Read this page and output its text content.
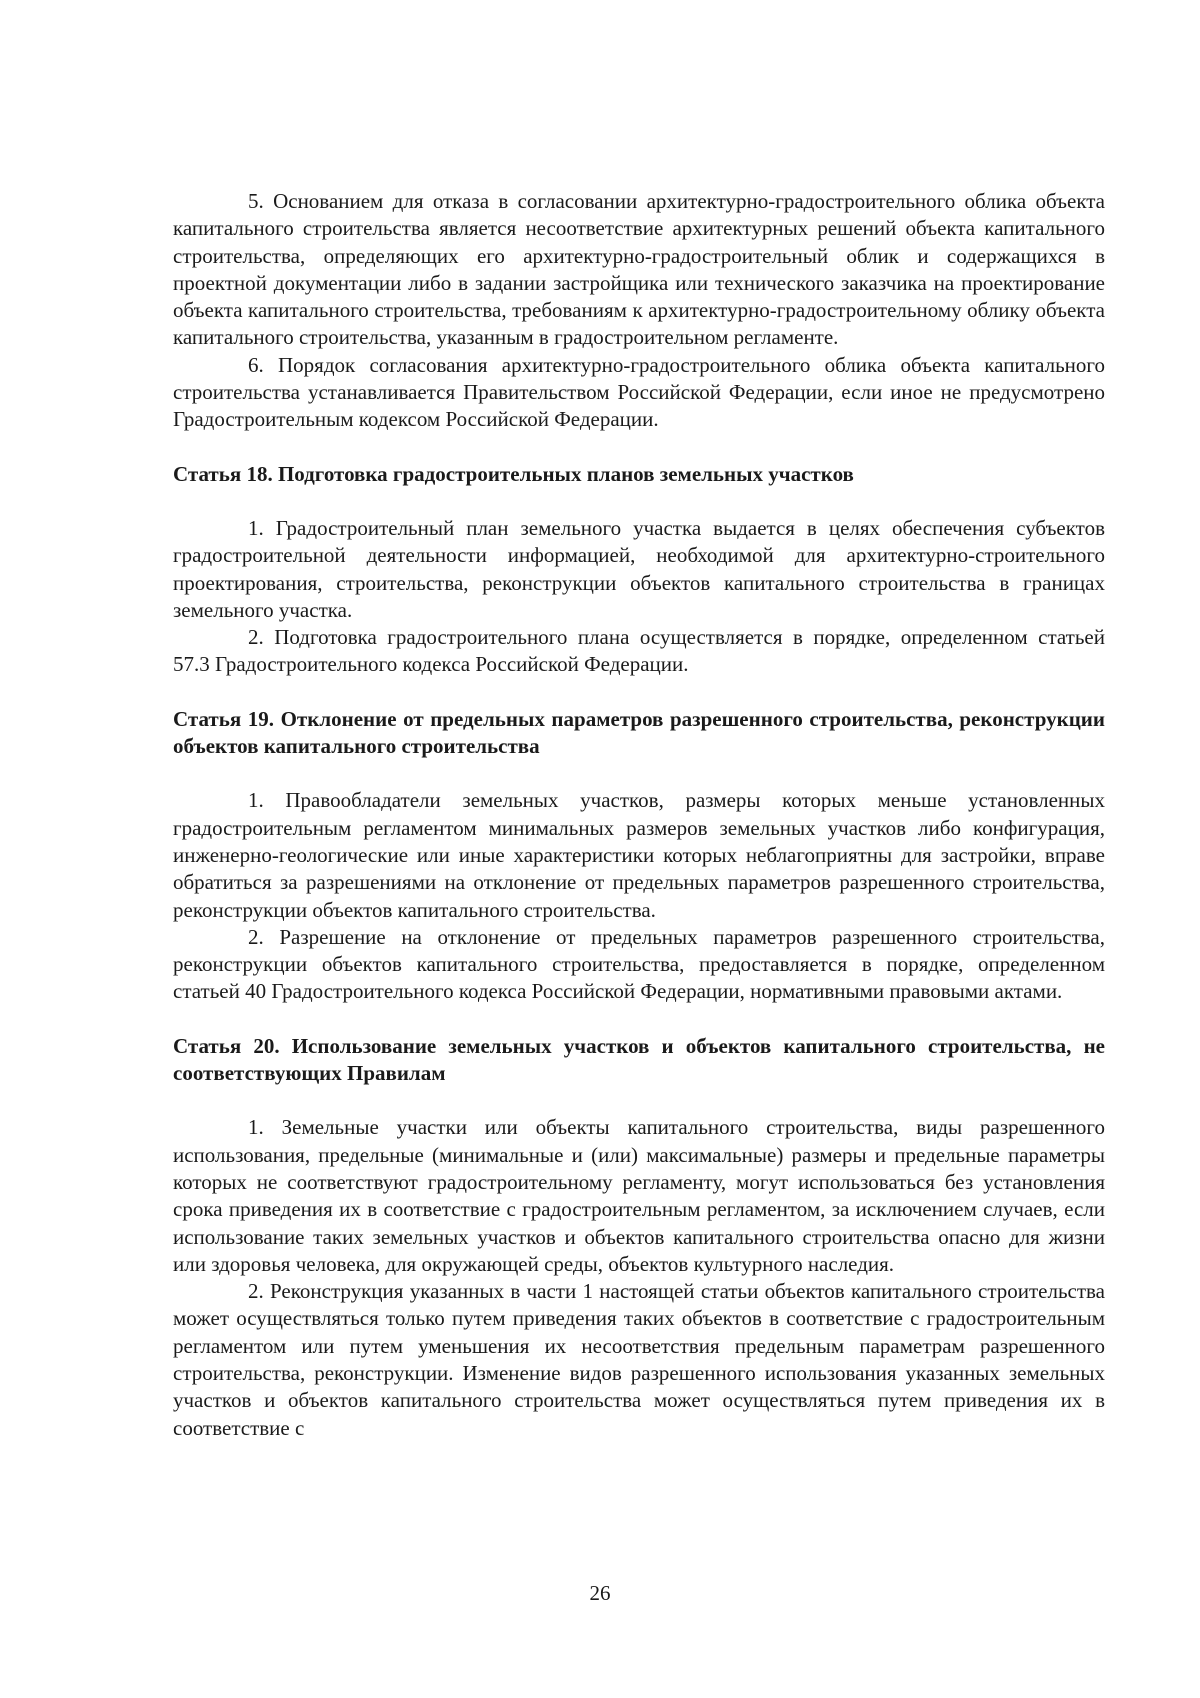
5. Основанием для отказа в согласовании архитектурно-градостроительного облика объекта капитального строительства является несоответствие архитектурных решений объекта капитального строительства, определяющих его архитектурно-градостроительный облик и содержащихся в проектной документации либо в задании застройщика или технического заказчика на проектирование объекта капитального строительства, требованиям к архитектурно-градостроительному облику объекта капитального строительства, указанным в градостроительном регламенте.

6. Порядок согласования архитектурно-градостроительного облика объекта капитального строительства устанавливается Правительством Российской Федерации, если иное не предусмотрено Градостроительным кодексом Российской Федерации.

Статья 18. Подготовка градостроительных планов земельных участков

1. Градостроительный план земельного участка выдается в целях обеспечения субъектов градостроительной деятельности информацией, необходимой для архитектурно-строительного проектирования, строительства, реконструкции объектов капитального строительства в границах земельного участка.

2. Подготовка градостроительного плана осуществляется в порядке, определенном статьей 57.3 Градостроительного кодекса Российской Федерации.

Статья 19. Отклонение от предельных параметров разрешенного строительства, реконструкции объектов капитального строительства

1. Правообладатели земельных участков, размеры которых меньше установленных градостроительным регламентом минимальных размеров земельных участков либо конфигурация, инженерно-геологические или иные характеристики которых неблагоприятны для застройки, вправе обратиться за разрешениями на отклонение от предельных параметров разрешенного строительства, реконструкции объектов капитального строительства.

2. Разрешение на отклонение от предельных параметров разрешенного строительства, реконструкции объектов капитального строительства, предоставляется в порядке, определенном статьей 40 Градостроительного кодекса Российской Федерации, нормативными правовыми актами.

Статья 20. Использование земельных участков и объектов капитального строительства, не соответствующих Правилам

1. Земельные участки или объекты капитального строительства, виды разрешенного использования, предельные (минимальные и (или) максимальные) размеры и предельные параметры которых не соответствуют градостроительному регламенту, могут использоваться без установления срока приведения их в соответствие с градостроительным регламентом, за исключением случаев, если использование таких земельных участков и объектов капитального строительства опасно для жизни или здоровья человека, для окружающей среды, объектов культурного наследия.

2. Реконструкция указанных в части 1 настоящей статьи объектов капитального строительства может осуществляться только путем приведения таких объектов в соответствие с градостроительным регламентом или путем уменьшения их несоответствия предельным параметрам разрешенного строительства, реконструкции. Изменение видов разрешенного использования указанных земельных участков и объектов капитального строительства может осуществляться путем приведения их в соответствие с

26
